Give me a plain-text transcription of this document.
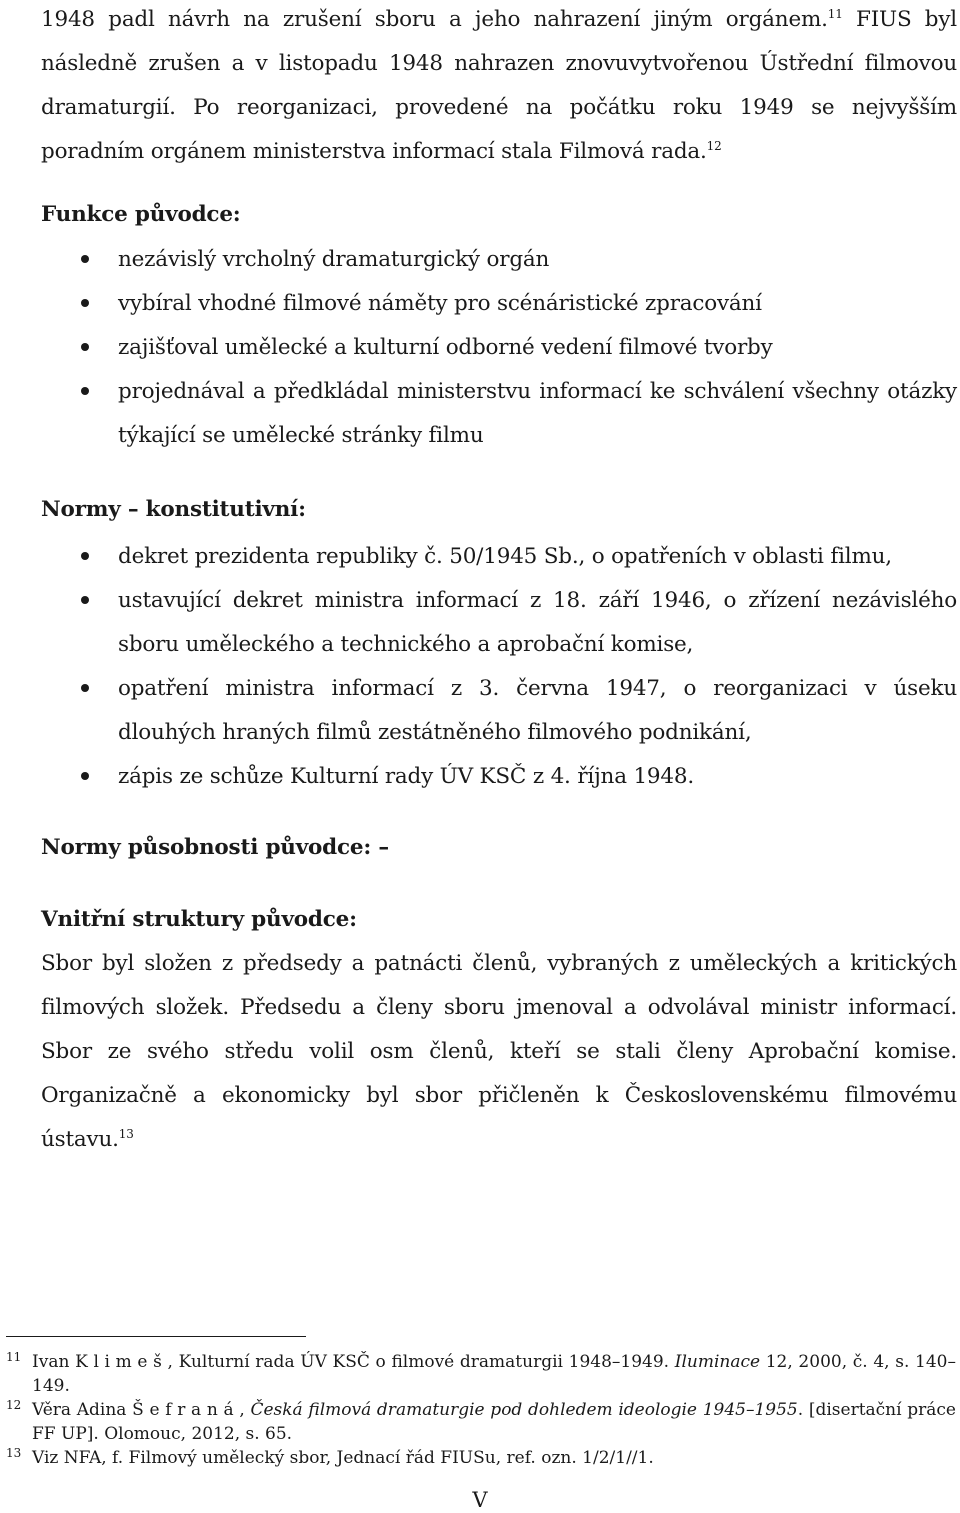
1948 padl návrh na zrušení sboru a jeho nahrazení jiným orgánem.$^{11}$ FIUS byl následně zrušen a v listopadu 1948 nahrazen znovuvytvořenou Ústřední filmovou dramaturgií. Po reorganizaci, provedené na počátku roku 1949 se nejvyšším poradním orgánem ministerstva informací stala Filmová rada.$^{12}$

Funkce původce:
nezávislý vrcholný dramaturgický orgán
vybíral vhodné filmové náměty pro scénáristické zpracování
zajišťoval umělecké a kulturní odborné vedení filmové tvorby
projednával a předkládal ministerstvu informací ke schválení všechny otázky týkající se umělecké stránky filmu
Normy – konstitutivní:
dekret prezidenta republiky č. 50/1945 Sb., o opatřeních v oblasti filmu,
ustavující dekret ministra informací z 18. září 1946, o zřízení nezávislého sboru uměleckého a technického a aprobační komise,
opatření ministra informací z 3. června 1947, o reorganizaci v úseku dlouhých hraných filmů zestátněného filmového podnikání,
zápis ze schůze Kulturní rady ÚV KSČ z 4. října 1948.
Normy působnosti původce: –
Vnitřní struktury původce:

Sbor byl složen z předsedy a patnácti členů, vybraných z uměleckých a kritických filmových složek. Předsedu a členy sboru jmenoval a odvolával ministr informací. Sbor ze svého středu volil osm členů, kteří se stali členy Aprobační komise. Organizačně a ekonomicky byl sbor přičleněn k Československému filmovému ústavu.$^{13}$

11 Ivan K l i m e š , Kulturní rada ÚV KSČ o filmové dramaturgii 1948–1949. Iluminace 12, 2000, č. 4, s. 140–149.
12 Věra Adina Š e f r a n á , Česká filmová dramaturgie pod dohledem ideologie 1945–1955. [disertační práce FF UP]. Olomouc, 2012, s. 65.
13 Viz NFA, f. Filmový umělecký sbor, Jednací řád FIUSu, ref. ozn. 1/2/1//1.
V
